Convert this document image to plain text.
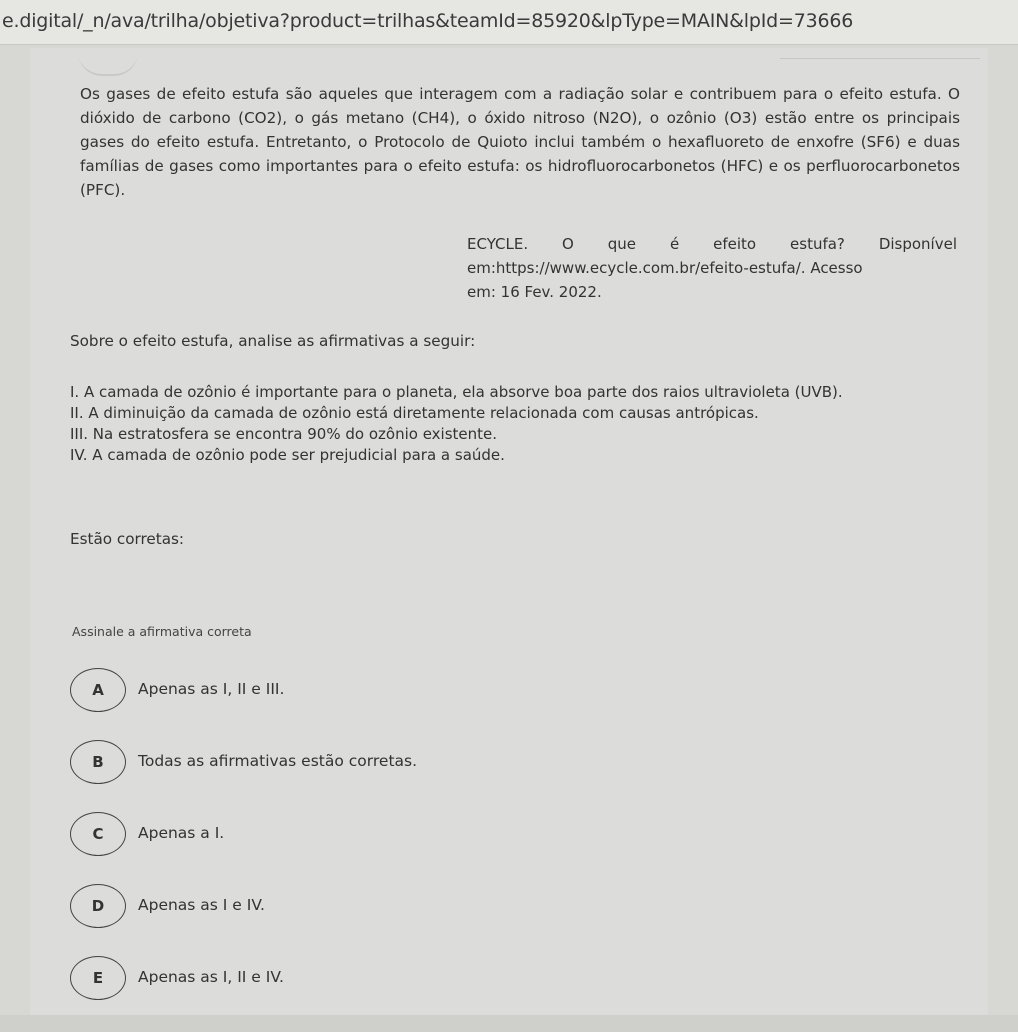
e.digital/_n/ava/trilha/objetiva?product=trilhas&teamId=85920&lpType=MAIN&lpId=73666

Os gases de efeito estufa são aqueles que interagem com a radiação solar e contribuem para o efeito estufa. O dióxido de carbono (CO2), o gás metano (CH4), o óxido nitroso (N2O), o ozônio (O3) estão entre os principais gases do efeito estufa. Entretanto, o Protocolo de Quioto inclui também o hexafluoreto de enxofre (SF6) e duas famílias de gases como importantes para o efeito estufa: os hidrofluorocarbonetos (HFC) e os perfluorocarbonetos (PFC).

ECYCLE. O que é efeito estufa? Disponível
em:https://www.ecycle.com.br/efeito-estufa/. Acesso
em: 16 Fev. 2022.
Sobre o efeito estufa, analise as afirmativas a seguir:
I. A camada de ozônio é importante para o planeta, ela absorve boa parte dos raios ultravioleta (UVB).
II. A diminuição da camada de ozônio está diretamente relacionada com causas antrópicas.
III. Na estratosfera se encontra 90% do ozônio existente.
IV. A camada de ozônio pode ser prejudicial para a saúde.
Estão corretas:
Assinale a afirmativa correta
A	Apenas as I, II e III.
B	Todas as afirmativas estão corretas.
C	Apenas a I.
D	Apenas as I e IV.
E	Apenas as I, II e IV.
